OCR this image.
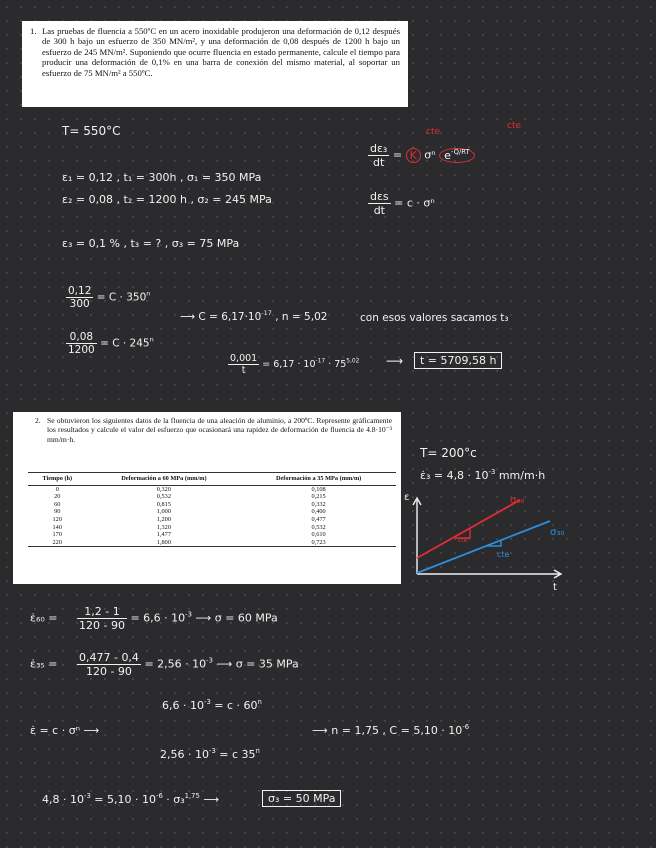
1. Las pruebas de fluencia a 550ºC en un acero inoxidable produjeron una deformación de 0,12 después de 300 h bajo un esfuerzo de 350 MN/m², y una deformación de 0,08 después de 1200 h bajo un esfuerzo de 245 MN/m². Suponiendo que ocurre fluencia en estado permanente, calcule el tiempo para producir una deformación de 0,1% en una barra de conexión del mismo material, al soportar un esfuerzo de 75 MN/m² a 550ºC.
T= 550°C
$\frac{\text{dε₃}}{dt} = K$ σⁿ $e^{-Q/RT}$
cte
cte
$\frac{\text{dεs}}{dt} = c \cdot \sigma^n$
ε₁ = 0,12 , t₁ = 300h , σ₁ = 350 MPa
ε₂ = 0,08 , t₂ = 1200 h , σ₂ = 245 MPa
ε₃ = 0,1 % , t₃ = ? , σ₃ = 75 MPa
$\frac{0,12}{300} = C \cdot 350^n$
$\frac{0,08}{1200} = C \cdot 245^n$
⟶ $C = 6,17\cdot 10^{-17}$ , n = 5,02	con esos valores sacamos t₃
$\frac{0,001}{t} = 6,17 \cdot 10^{-17} \cdot 75^{5,02}$ ⟶	t = 5709,58 h
2. Se obtuvieron los siguientes datos de la fluencia de una aleación de aluminio, a 200ºC. Represente gráficamente los resultados y calcule el valor del esfuerzo que ocasionará una rapidez de deformación de fluencia de 4.8·10⁻³ mm/m·h.
Tiempo (h)	Deformación a 60 MPa (mm/m)	Deformación a 35 MPa (mm/m)
0	0,320	0,108
20	0,532	0,215
60	0,815	0,332
90	1,000	0,400
120	1,200	0,477
140	1,320	0,532
170	1,477	0,610
220	1,800	0,723
T= 200°c
ε̇₃ = $4,8 \cdot 10^{-3}$ mm/m·h
ε
t
σ₆₀
σ₃₀
cte
cte
ε̇₆₀ = $\frac{1,2 - 1}{120 - 90} = 6,6 \cdot 10^{-3}$ ⟶ σ = 60 MPa
ε̇₃₅ = $\frac{0,477 - 0,4}{120 - 90} = 2,56 \cdot 10^{-3}$ ⟶ σ = 35 MPa
ε̇ = c · σⁿ ⟶
$6,6 \cdot 10^{-3} = c \cdot 60^n$
$2,56 \cdot 10^{-3} = c$ 35$^n$
⟶ n = 1,75 , $C = 5,10 \cdot 10^{-6}$
$4,8 \cdot 10^{-3} = 5,10 \cdot 10^{-6} \cdot \sigma_3^{1,75}$ ⟶	σ₃ = 50 MPa
